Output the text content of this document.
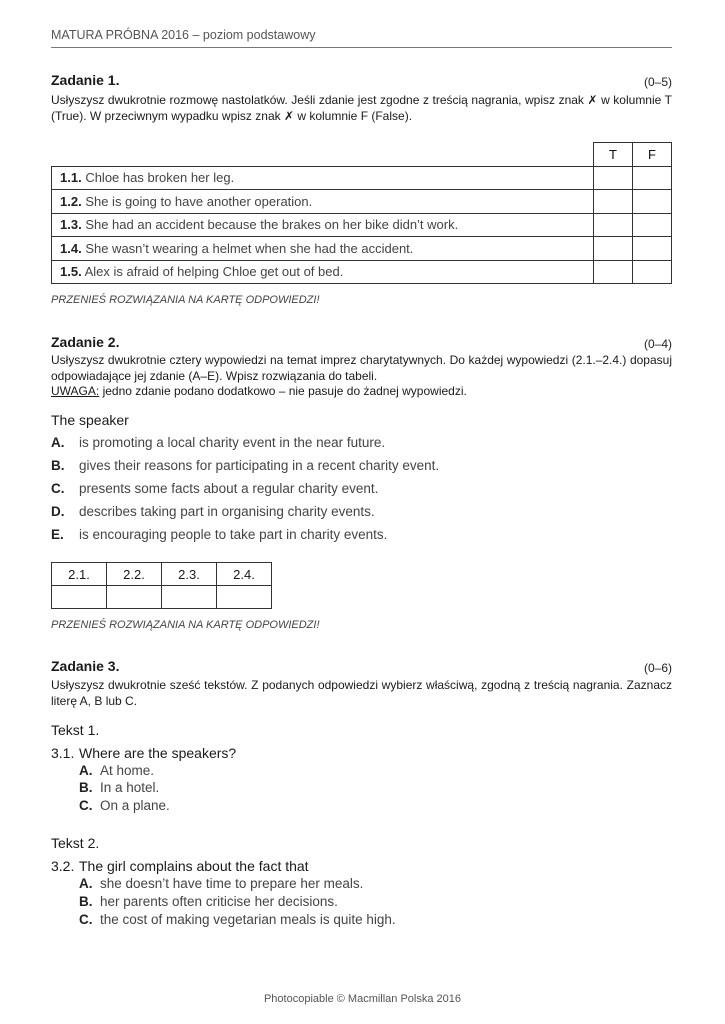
MATURA PRÓBNA 2016 – poziom podstawowy
Zadanie 1.	(0–5)

Usłyszysz dwukrotnie rozmowę nastolatków. Jeśli zdanie jest zgodne z treścią nagrania, wpisz znak ✗ w kolumnie T (True). W przeciwnym wypadku wpisz znak ✗ w kolumnie F (False).

	T	F
1.1. Chloe has broken her leg.		
1.2. She is going to have another operation.		
1.3. She had an accident because the brakes on her bike didn’t work.		
1.4. She wasn’t wearing a helmet when she had the accident.		
1.5. Alex is afraid of helping Chloe get out of bed.		
PRZENIEŚ ROZWIĄZANIA NA KARTĘ ODPOWIEDZI!
Zadanie 2.	(0–4)

Usłyszysz dwukrotnie cztery wypowiedzi na temat imprez charytatywnych. Do każdej wypowiedzi (2.1.–2.4.) dopasuj odpowiadające jej zdanie (A–E). Wpisz rozwiązania do tabeli.

UWAGA: jedno zdanie podano dodatkowo – nie pasuje do żadnej wypowiedzi.

The speaker
A. is promoting a local charity event in the near future.
B. gives their reasons for participating in a recent charity event.
C. presents some facts about a regular charity event.
D. describes taking part in organising charity events.
E. is encouraging people to take part in charity events.
2.1.	2.2.	2.3.	2.4.

PRZENIEŚ ROZWIĄZANIA NA KARTĘ ODPOWIEDZI!
Zadanie 3.	(0–6)

Usłyszysz dwukrotnie sześć tekstów. Z podanych odpowiedzi wybierz właściwą, zgodną z treścią nagrania. Zaznacz literę A, B lub C.

Tekst 1.
3.1. Where are the speakers?
A. At home.
B. In a hotel.
C. On a plane.
Tekst 2.
3.2. The girl complains about the fact that
A. she doesn’t have time to prepare her meals.
B. her parents often criticise her decisions.
C. the cost of making vegetarian meals is quite high.
Photocopiable © Macmillan Polska 2016
